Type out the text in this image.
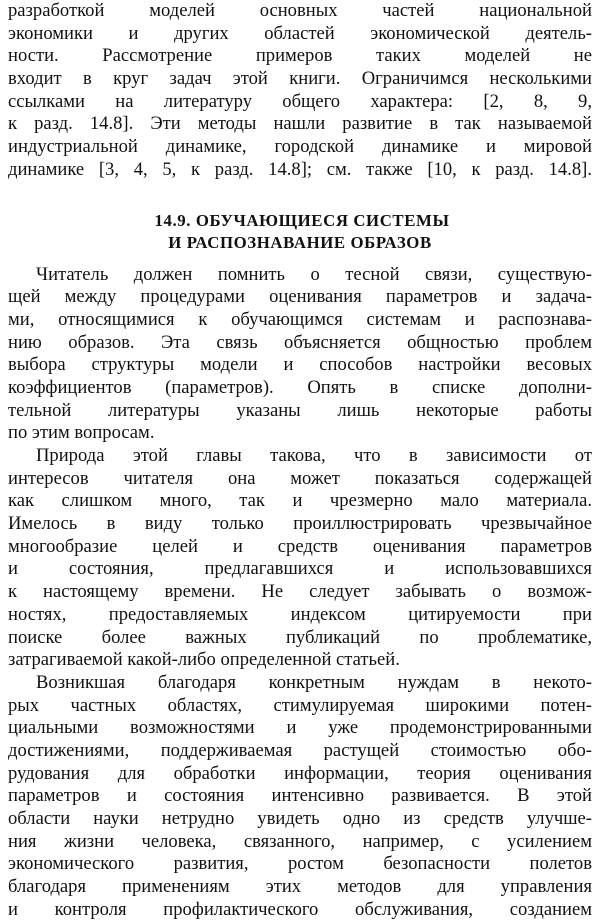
разработкой моделей основных частей национальной
экономики и других областей экономической деятель-
ности. Рассмотрение примеров таких моделей не
входит в круг задач этой книги. Ограничимся несколькими
ссылками на литературу общего характера: [2, 8, 9,
к разд. 14.8]. Эти методы нашли развитие в так называемой
индустриальной динамике, городской динамике и мировой
динамике [3, 4, 5, к разд. 14.8]; см. также [10, к разд. 14.8].
14.9. ОБУЧАЮЩИЕСЯ СИСТЕМЫ
И РАСПОЗНАВАНИЕ ОБРАЗОВ
Читатель должен помнить о тесной связи, существую-
щей между процедурами оценивания параметров и задача-
ми, относящимися к обучающимся системам и распознава-
нию образов. Эта связь объясняется общностью проблем
выбора структуры модели и способов настройки весовых
коэффициентов (параметров). Опять в списке дополни-
тельной литературы указаны лишь некоторые работы
по этим вопросам.
Природа этой главы такова, что в зависимости от
интересов читателя она может показаться содержащей
как слишком много, так и чрезмерно мало материала.
Имелось в виду только проиллюстрировать чрезвычайное
многообразие целей и средств оценивания параметров
и состояния, предлагавшихся и использовавшихся
к настоящему времени. Не следует забывать о возмож-
ностях, предоставляемых индексом цитируемости при
поиске более важных публикаций по проблематике,
затрагиваемой какой-либо определенной статьей.
Возникшая благодаря конкретным нуждам в некото-
рых частных областях, стимулируемая широкими потен-
циальными возможностями и уже продемонстрированными
достижениями, поддерживаемая растущей стоимостью обо-
рудования для обработки информации, теория оценивания
параметров и состояния интенсивно развивается. В этой
области науки нетрудно увидеть одно из средств улучше-
ния жизни человека, связанного, например, с усилением
экономического развития, ростом безопасности полетов
благодаря применениям этих методов для управления
и контроля профилактического обслуживания, созданием
